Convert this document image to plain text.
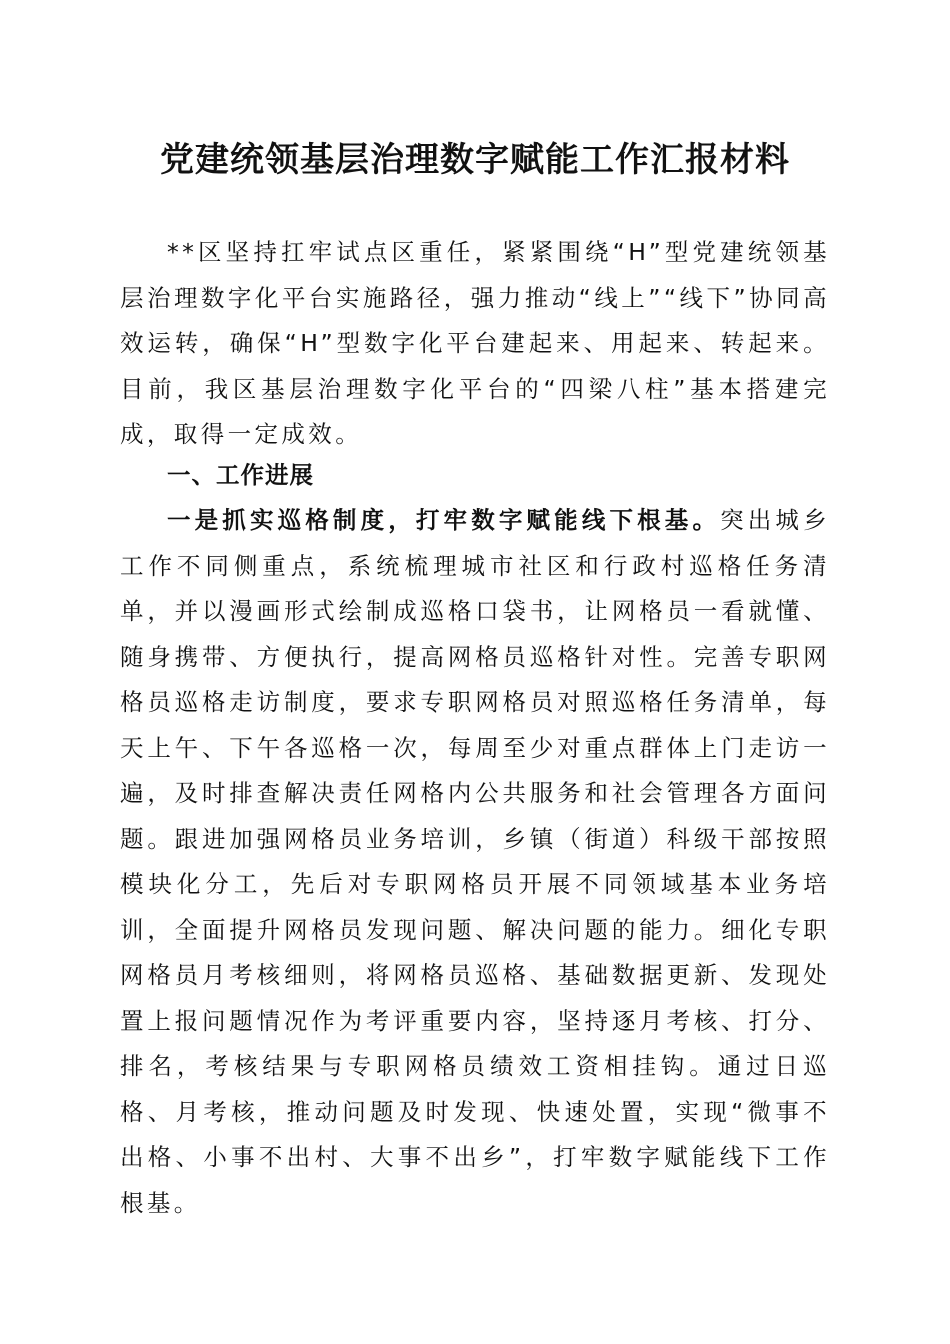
党建统领基层治理数字赋能工作汇报材料

**区坚持扛牢试点区重任，紧紧围绕“H”型党建统领基层治理数字化平台实施路径，强力推动“线上”“线下”协同高效运转，确保“H”型数字化平台建起来、用起来、转起来。目前，我区基层治理数字化平台的“四梁八柱”基本搭建完成，取得一定成效。

一、工作进展

一是抓实巡格制度，打牢数字赋能线下根基。突出城乡工作不同侧重点，系统梳理城市社区和行政村巡格任务清单，并以漫画形式绘制成巡格口袋书，让网格员一看就懂、随身携带、方便执行，提高网格员巡格针对性。完善专职网格员巡格走访制度，要求专职网格员对照巡格任务清单，每天上午、下午各巡格一次，每周至少对重点群体上门走访一遍，及时排查解决责任网格内公共服务和社会管理各方面问题。跟进加强网格员业务培训，乡镇（街道）科级干部按照模块化分工，先后对专职网格员开展不同领域基本业务培训，全面提升网格员发现问题、解决问题的能力。细化专职网格员月考核细则，将网格员巡格、基础数据更新、发现处置上报问题情况作为考评重要内容，坚持逐月考核、打分、排名，考核结果与专职网格员绩效工资相挂钩。通过日巡格、月考核，推动问题及时发现、快速处置，实现“微事不出格、小事不出村、大事不出乡”，打牢数字赋能线下工作根基。
